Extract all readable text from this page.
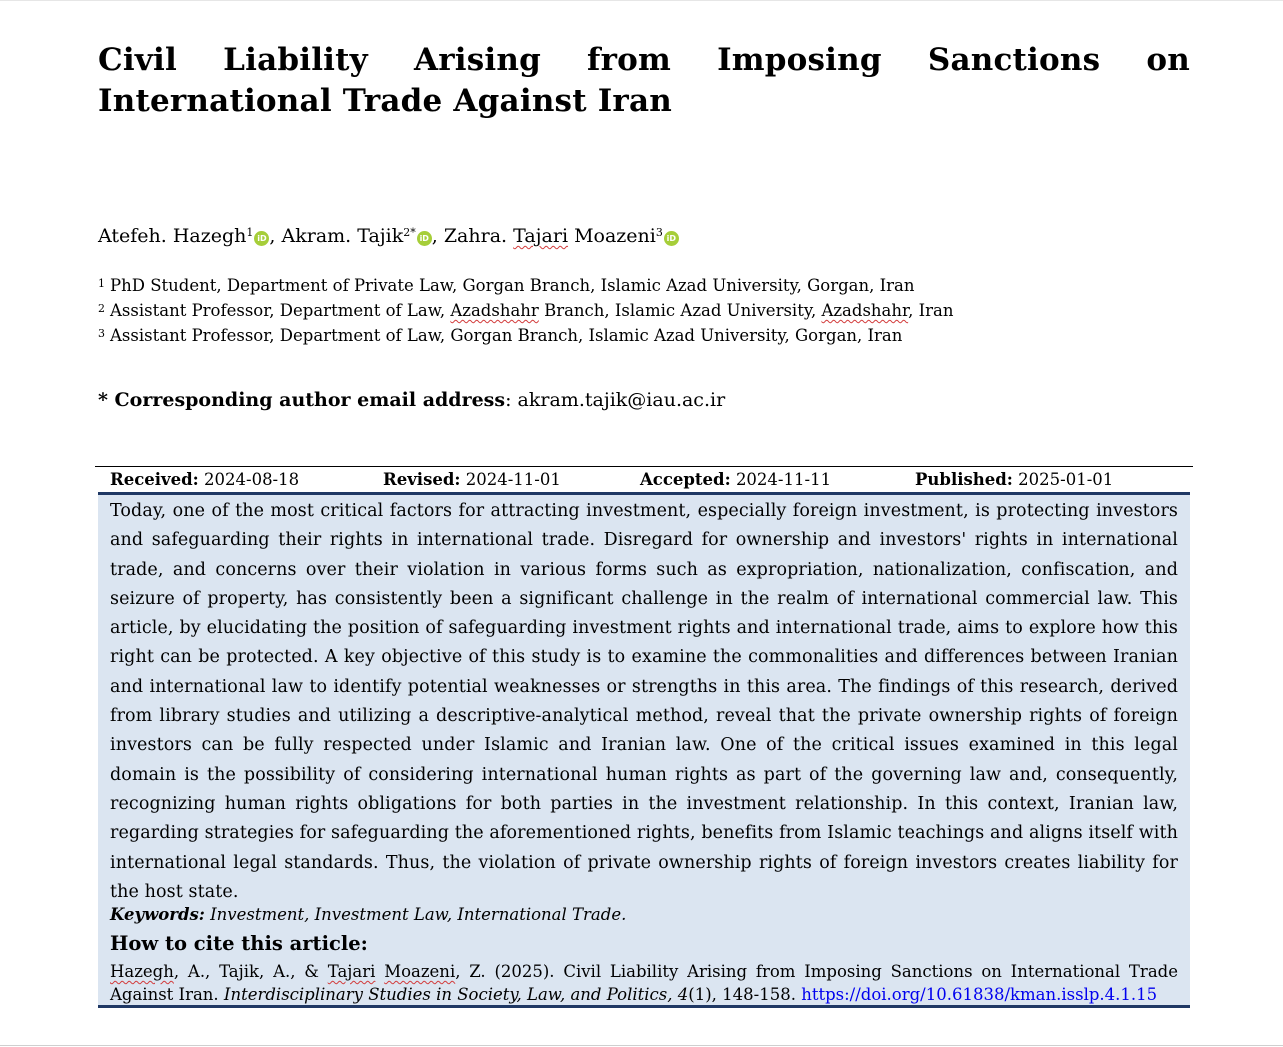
Civil Liability Arising from Imposing Sanctions on International Trade Against Iran
Atefeh. Hazegh$^1$ iD , Akram. Tajik$^{2*}$ iD , Zahra. Tajari Moazeni$^3$ iD
$^1$ PhD Student, Department of Private Law, Gorgan Branch, Islamic Azad University, Gorgan, Iran
$^2$ Assistant Professor, Department of Law, Azadshahr Branch, Islamic Azad University, Azadshahr, Iran
$^3$ Assistant Professor, Department of Law, Gorgan Branch, Islamic Azad University, Gorgan, Iran
* Corresponding author email address: akram.tajik@iau.ac.ir
Received: 2024-08-18	Revised: 2024-11-01	Accepted: 2024-11-11	Published: 2025-01-01
Today, one of the most critical factors for attracting investment, especially foreign investment, is protecting investors and safeguarding their rights in international trade. Disregard for ownership and investors' rights in international trade, and concerns over their violation in various forms such as expropriation, nationalization, confiscation, and seizure of property, has consistently been a significant challenge in the realm of international commercial law. This article, by elucidating the position of safeguarding investment rights and international trade, aims to explore how this right can be protected. A key objective of this study is to examine the commonalities and differences between Iranian and international law to identify potential weaknesses or strengths in this area. The findings of this research, derived from library studies and utilizing a descriptive-analytical method, reveal that the private ownership rights of foreign investors can be fully respected under Islamic and Iranian law. One of the critical issues examined in this legal domain is the possibility of considering international human rights as part of the governing law and, consequently, recognizing human rights obligations for both parties in the investment relationship. In this context, Iranian law, regarding strategies for safeguarding the aforementioned rights, benefits from Islamic teachings and aligns itself with international legal standards. Thus, the violation of private ownership rights of foreign investors creates liability for the host state.
Keywords: Investment, Investment Law, International Trade.
How to cite this article:
Hazegh, A., Tajik, A., & Tajari Moazeni, Z. (2025). Civil Liability Arising from Imposing Sanctions on International Trade Against Iran. Interdisciplinary Studies in Society, Law, and Politics, 4(1), 148-158. https://doi.org/10.61838/kman.isslp.4.1.15
